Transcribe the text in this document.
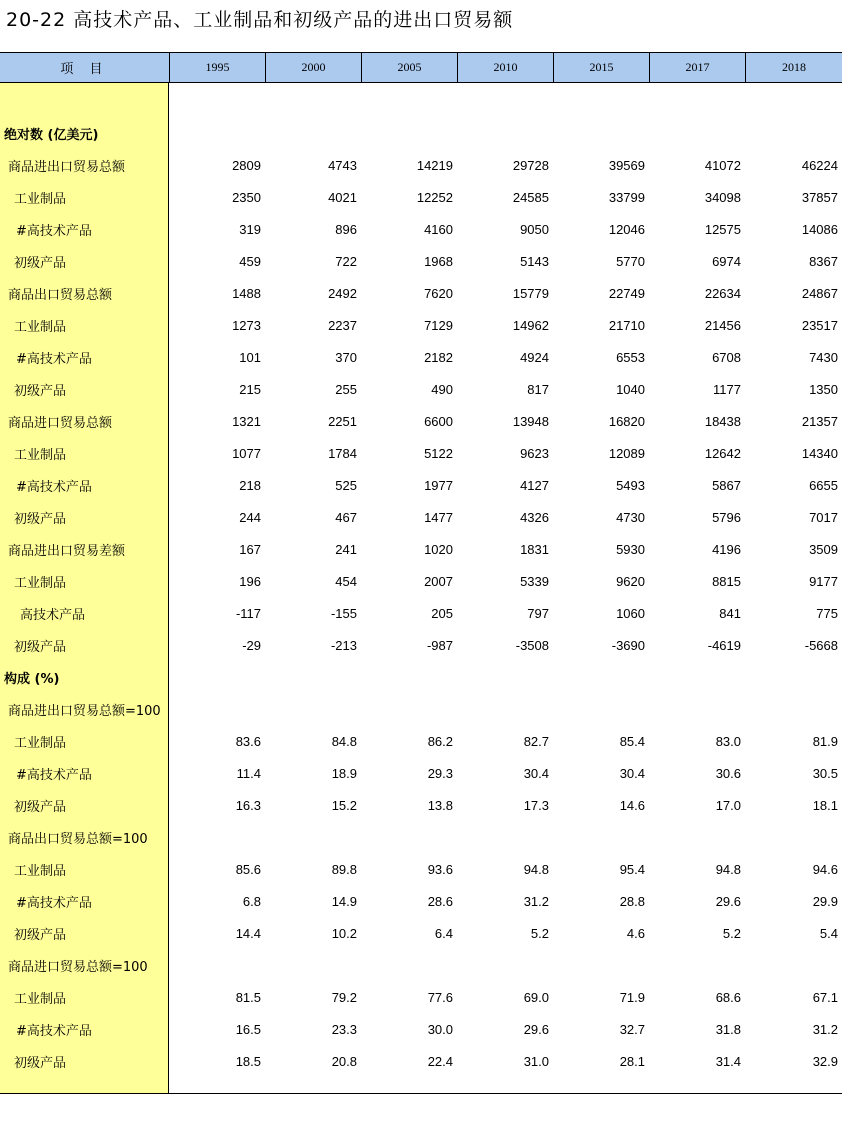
20-22 高技术产品、工业制品和初级产品的进出口贸易额
项 目	1995	2000	2005	2010	2015	2017	2018
绝对数 (亿美元)
商品进出口贸易总额	2809	4743	14219	29728	39569	41072	46224
工业制品	2350	4021	12252	24585	33799	34098	37857
#高技术产品	319	896	4160	9050	12046	12575	14086
初级产品	459	722	1968	5143	5770	6974	8367
商品出口贸易总额	1488	2492	7620	15779	22749	22634	24867
工业制品	1273	2237	7129	14962	21710	21456	23517
#高技术产品	101	370	2182	4924	6553	6708	7430
初级产品	215	255	490	817	1040	1177	1350
商品进口贸易总额	1321	2251	6600	13948	16820	18438	21357
工业制品	1077	1784	5122	9623	12089	12642	14340
#高技术产品	218	525	1977	4127	5493	5867	6655
初级产品	244	467	1477	4326	4730	5796	7017
商品进出口贸易差额	167	241	1020	1831	5930	4196	3509
工业制品	196	454	2007	5339	9620	8815	9177
高技术产品	-117	-155	205	797	1060	841	775
初级产品	-29	-213	-987	-3508	-3690	-4619	-5668
构成 (%)
商品进出口贸易总额=100
工业制品	83.6	84.8	86.2	82.7	85.4	83.0	81.9
#高技术产品	11.4	18.9	29.3	30.4	30.4	30.6	30.5
初级产品	16.3	15.2	13.8	17.3	14.6	17.0	18.1
商品出口贸易总额=100
工业制品	85.6	89.8	93.6	94.8	95.4	94.8	94.6
#高技术产品	6.8	14.9	28.6	31.2	28.8	29.6	29.9
初级产品	14.4	10.2	6.4	5.2	4.6	5.2	5.4
商品进口贸易总额=100
工业制品	81.5	79.2	77.6	69.0	71.9	68.6	67.1
#高技术产品	16.5	23.3	30.0	29.6	32.7	31.8	31.2
初级产品	18.5	20.8	22.4	31.0	28.1	31.4	32.9
